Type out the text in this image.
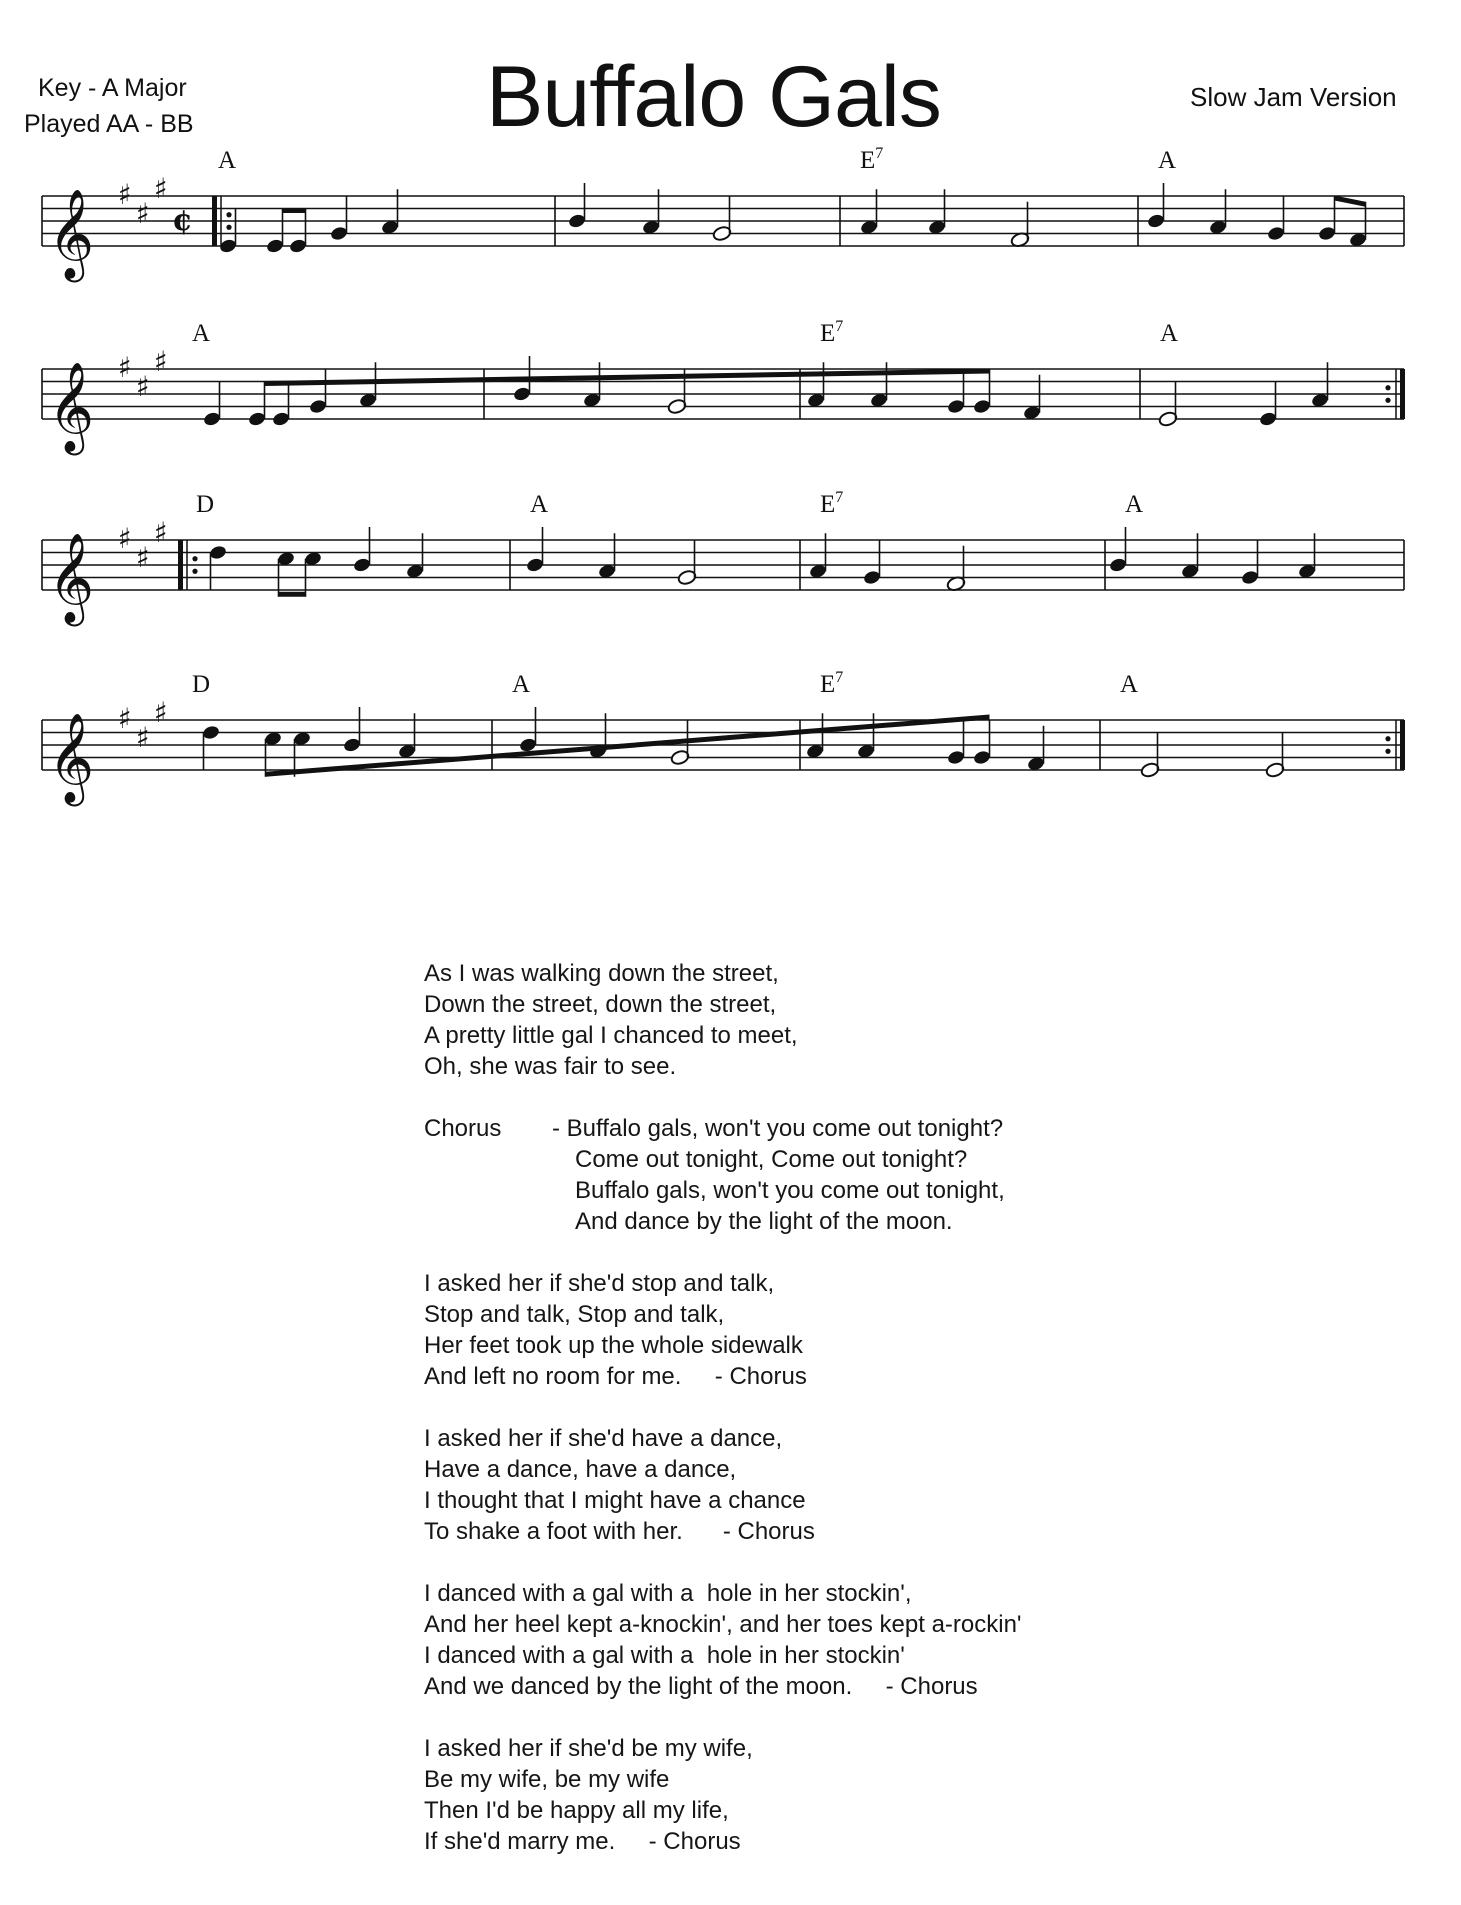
Key - A Major
Played AA - BB	Buffalo Gals	Slow Jam Version
𝄞 ♯
♯
♯
¢
A	$E^7$	A
𝄞 ♯
♯
♯
A	$E^7$	A
𝄞 ♯
♯
♯
D	A	$E^7$	A
𝄞 ♯
♯
♯
D	A	$E^7$	A
As I was walking down the street,
Down the street, down the street,
A pretty little gal I chanced to meet,
Oh, she was fair to see.
Chorus	- Buffalo gals, won't you come out tonight?
Come out tonight, Come out tonight?
Buffalo gals, won't you come out tonight,
And dance by the light of the moon.
I asked her if she'd stop and talk,
Stop and talk, Stop and talk,
Her feet took up the whole sidewalk
And left no room for me.     - Chorus
I asked her if she'd have a dance,
Have a dance, have a dance,
I thought that I might have a chance
To shake a foot with her.      - Chorus
I danced with a gal with a  hole in her stockin',
And her heel kept a-knockin', and her toes kept a-rockin'
I danced with a gal with a  hole in her stockin'
And we danced by the light of the moon.     - Chorus
I asked her if she'd be my wife,
Be my wife, be my wife
Then I'd be happy all my life,
If she'd marry me.     - Chorus
